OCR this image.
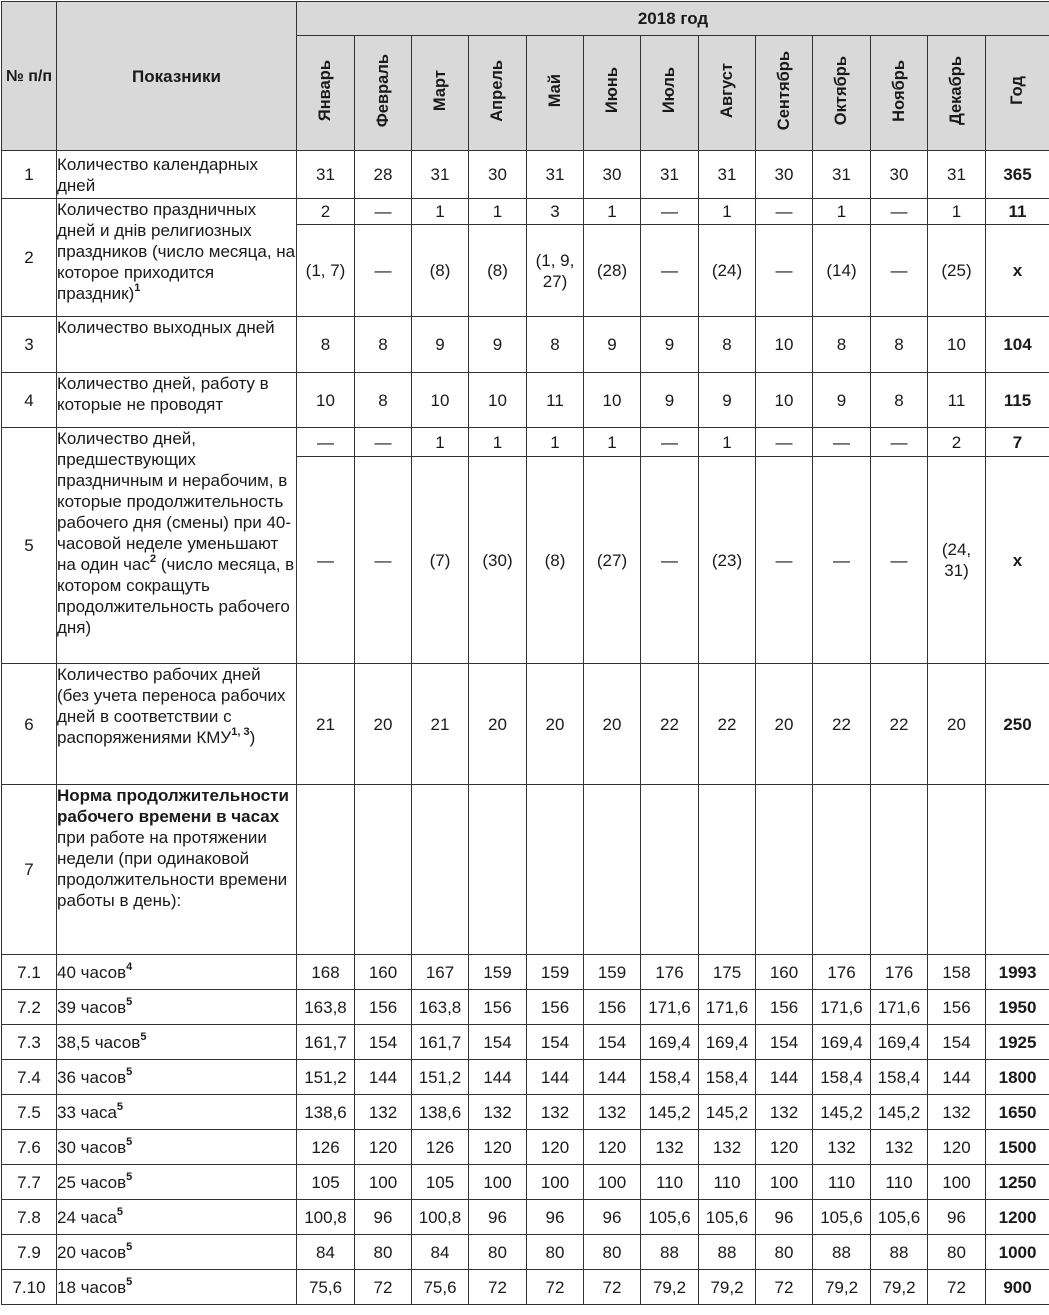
№ п/п	Показники	2018 год												
		Январь	Февраль	Март	Апрель	Май	Июнь	Июль	Август	Сентябрь	Октябрь	Ноябрь	Декабрь	Год
1	Количество календарных дней	31	28	31	30	31	30	31	31	30	31	30	31	365
2	Количество праздничных дней и днів религиозных праздников (число месяца, на которое приходится праздник)$^1$	2	—	1	1	3	1	—	1	—	1	—	1	11
		(1, 7)	—	(8)	(8)	(1, 9, 27)	(28)	—	(24)	—	(14)	—	(25)	х
3	Количество выходных дней	8	8	9	9	8	9	9	8	10	8	8	10	104
4	Количество дней, работу в которые не проводят	10	8	10	10	11	10	9	9	10	9	8	11	115
5	Количество дней, предшествующих праздничным и нерабочим, в которые продолжительность рабочего дня (смены) при 40-часовой неделе уменьшают на один час$^2$ (число месяца, в котором сокращуть продолжительность рабочего дня)	—	—	1	1	1	1	—	1	—	—	—	2	7
		—	—	(7)	(30)	(8)	(27)	—	(23)	—	—	—	(24, 31)	х
6	Количество рабочих дней (без учета переноса рабочих дней в соответствии с распоряжениями КМУ$^{1, 3}$)	21	20	21	20	20	20	22	22	20	22	22	20	250
7	Норма продолжительности рабочего времени в часах при работе на протяжении недели (при одинаковой продолжительности времени работы в день):													
7.1	40 часов$^4$	168	160	167	159	159	159	176	175	160	176	176	158	1993
7.2	39 часов$^5$	163,8	156	163,8	156	156	156	171,6	171,6	156	171,6	171,6	156	1950
7.3	38,5 часов$^5$	161,7	154	161,7	154	154	154	169,4	169,4	154	169,4	169,4	154	1925
7.4	36 часов$^5$	151,2	144	151,2	144	144	144	158,4	158,4	144	158,4	158,4	144	1800
7.5	33 часа$^5$	138,6	132	138,6	132	132	132	145,2	145,2	132	145,2	145,2	132	1650
7.6	30 часов$^5$	126	120	126	120	120	120	132	132	120	132	132	120	1500
7.7	25 часов$^5$	105	100	105	100	100	100	110	110	100	110	110	100	1250
7.8	24 часа$^5$	100,8	96	100,8	96	96	96	105,6	105,6	96	105,6	105,6	96	1200
7.9	20 часов$^5$	84	80	84	80	80	80	88	88	80	88	88	80	1000
7.10	18 часов$^5$	75,6	72	75,6	72	72	72	79,2	79,2	72	79,2	79,2	72	900
